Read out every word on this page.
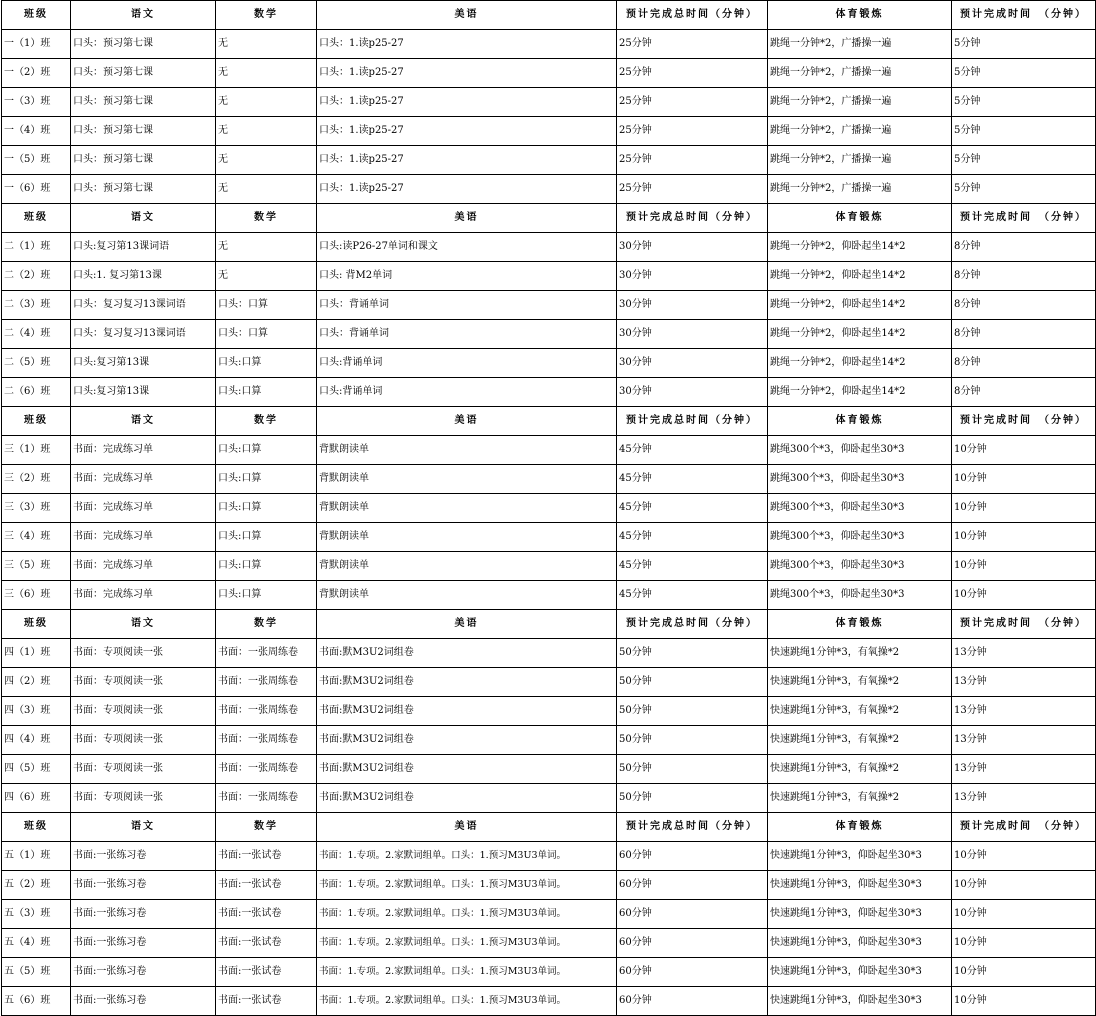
班级	语文	数学	美语	预计完成总时间（分钟）	体育锻炼	预计完成时间　（分钟）
一（1）班	口头：预习第七课	无	口头：1.读p25-27	25分钟	跳绳一分钟*2，广播操一遍	5分钟
一（2）班	口头：预习第七课	无	口头：1.读p25-27	25分钟	跳绳一分钟*2，广播操一遍	5分钟
一（3）班	口头：预习第七课	无	口头：1.读p25-27	25分钟	跳绳一分钟*2，广播操一遍	5分钟
一（4）班	口头：预习第七课	无	口头：1.读p25-27	25分钟	跳绳一分钟*2，广播操一遍	5分钟
一（5）班	口头：预习第七课	无	口头：1.读p25-27	25分钟	跳绳一分钟*2，广播操一遍	5分钟
一（6）班	口头：预习第七课	无	口头：1.读p25-27	25分钟	跳绳一分钟*2，广播操一遍	5分钟
班级	语文	数学	美语	预计完成总时间（分钟）	体育锻炼	预计完成时间　（分钟）
二（1）班	口头:复习第13课词语	无	口头:读P26-27单词和课文	30分钟	跳绳一分钟*2，仰卧起坐14*2	8分钟
二（2）班	口头:1. 复习第13课	无	口头: 背M2单词	30分钟	跳绳一分钟*2，仰卧起坐14*2	8分钟
二（3）班	口头：复习复习13课词语	口头：口算	口头：背诵单词	30分钟	跳绳一分钟*2，仰卧起坐14*2	8分钟
二（4）班	口头：复习复习13课词语	口头：口算	口头：背诵单词	30分钟	跳绳一分钟*2，仰卧起坐14*2	8分钟
二（5）班	口头:复习第13课	口头:口算	口头:背诵单词	30分钟	跳绳一分钟*2，仰卧起坐14*2	8分钟
二（6）班	口头:复习第13课	口头:口算	口头:背诵单词	30分钟	跳绳一分钟*2，仰卧起坐14*2	8分钟
班级	语文	数学	美语	预计完成总时间（分钟）	体育锻炼	预计完成时间　（分钟）
三（1）班	书面：完成练习单	口头:口算	背默朗读单	45分钟	跳绳300个*3，仰卧起坐30*3	10分钟
三（2）班	书面：完成练习单	口头:口算	背默朗读单	45分钟	跳绳300个*3，仰卧起坐30*3	10分钟
三（3）班	书面：完成练习单	口头:口算	背默朗读单	45分钟	跳绳300个*3，仰卧起坐30*3	10分钟
三（4）班	书面：完成练习单	口头:口算	背默朗读单	45分钟	跳绳300个*3，仰卧起坐30*3	10分钟
三（5）班	书面：完成练习单	口头:口算	背默朗读单	45分钟	跳绳300个*3，仰卧起坐30*3	10分钟
三（6）班	书面：完成练习单	口头:口算	背默朗读单	45分钟	跳绳300个*3，仰卧起坐30*3	10分钟
班级	语文	数学	美语	预计完成总时间（分钟）	体育锻炼	预计完成时间　（分钟）
四（1）班	书面：专项阅读一张	书面：一张周练卷	书面:默M3U2词组卷	50分钟	快速跳绳1分钟*3，有氧操*2	13分钟
四（2）班	书面：专项阅读一张	书面：一张周练卷	书面:默M3U2词组卷	50分钟	快速跳绳1分钟*3，有氧操*2	13分钟
四（3）班	书面：专项阅读一张	书面：一张周练卷	书面:默M3U2词组卷	50分钟	快速跳绳1分钟*3，有氧操*2	13分钟
四（4）班	书面：专项阅读一张	书面：一张周练卷	书面:默M3U2词组卷	50分钟	快速跳绳1分钟*3，有氧操*2	13分钟
四（5）班	书面：专项阅读一张	书面：一张周练卷	书面:默M3U2词组卷	50分钟	快速跳绳1分钟*3，有氧操*2	13分钟
四（6）班	书面：专项阅读一张	书面：一张周练卷	书面:默M3U2词组卷	50分钟	快速跳绳1分钟*3，有氧操*2	13分钟
班级	语文	数学	美语	预计完成总时间（分钟）	体育锻炼	预计完成时间　（分钟）
五（1）班	书面:一张练习卷	书面:一张试卷	书面：1.专项。2.家默词组单。口头：1.预习M3U3单词。	60分钟	快速跳绳1分钟*3，仰卧起坐30*3	10分钟
五（2）班	书面:一张练习卷	书面:一张试卷	书面：1.专项。2.家默词组单。口头：1.预习M3U3单词。	60分钟	快速跳绳1分钟*3，仰卧起坐30*3	10分钟
五（3）班	书面:一张练习卷	书面:一张试卷	书面：1.专项。2.家默词组单。口头：1.预习M3U3单词。	60分钟	快速跳绳1分钟*3，仰卧起坐30*3	10分钟
五（4）班	书面:一张练习卷	书面:一张试卷	书面：1.专项。2.家默词组单。口头：1.预习M3U3单词。	60分钟	快速跳绳1分钟*3，仰卧起坐30*3	10分钟
五（5）班	书面:一张练习卷	书面:一张试卷	书面：1.专项。2.家默词组单。口头：1.预习M3U3单词。	60分钟	快速跳绳1分钟*3，仰卧起坐30*3	10分钟
五（6）班	书面:一张练习卷	书面:一张试卷	书面：1.专项。2.家默词组单。口头：1.预习M3U3单词。	60分钟	快速跳绳1分钟*3，仰卧起坐30*3	10分钟
